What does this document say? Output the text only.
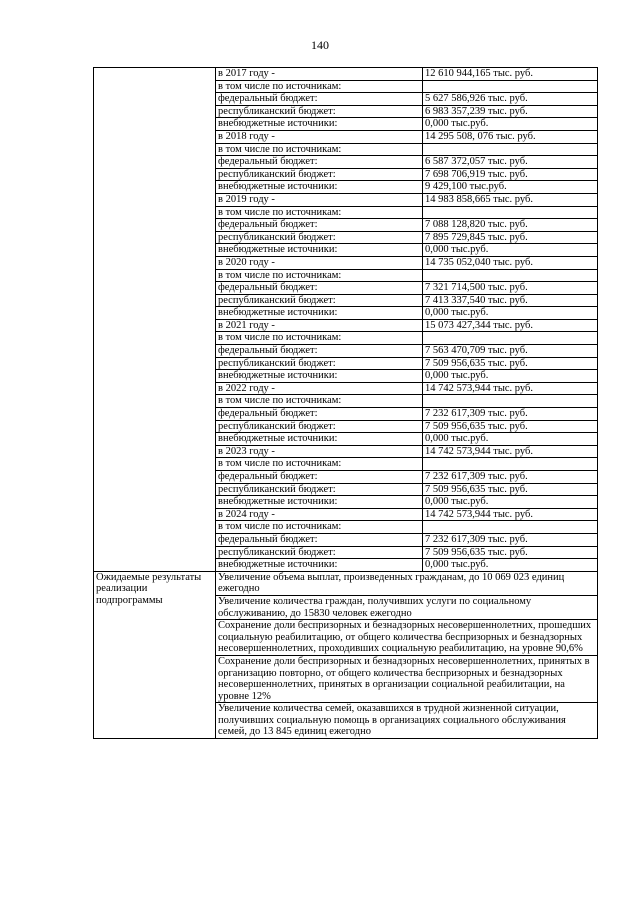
140
	в 2017 году -	12 610 944,165 тыс. руб.
	в том числе по источникам:	
	федеральный бюджет:	5 627 586,926 тыс. руб.
	республиканский бюджет:	6 983 357,239 тыс. руб.
	внебюджетные источники:	0,000 тыс.руб.
	в 2018 году -	14 295 508, 076 тыс. руб.
	в том числе по источникам:	
	федеральный бюджет:	6 587 372,057 тыс. руб.
	республиканский бюджет:	7 698 706,919 тыс. руб.
	внебюджетные источники:	9 429,100 тыс.руб.
	в 2019 году -	14 983 858,665 тыс. руб.
	в том числе по источникам:	
	федеральный бюджет:	7 088 128,820 тыс. руб.
	республиканский бюджет:	7 895 729,845 тыс. руб.
	внебюджетные источники:	0,000 тыс.руб.
	в 2020 году -	14 735 052,040 тыс. руб.
	в том числе по источникам:	
	федеральный бюджет:	7 321 714,500 тыс. руб.
	республиканский бюджет:	7 413 337,540 тыс. руб.
	внебюджетные источники:	0,000 тыс.руб.
	в 2021 году -	15 073 427,344 тыс. руб.
	в том числе по источникам:	
	федеральный бюджет:	7 563 470,709 тыс. руб.
	республиканский бюджет:	7 509 956,635 тыс. руб.
	внебюджетные источники:	0,000 тыс.руб.
	в 2022 году -	14 742 573,944 тыс. руб.
	в том числе по источникам:	
	федеральный бюджет:	7 232 617,309 тыс. руб.
	республиканский бюджет:	7 509 956,635 тыс. руб.
	внебюджетные источники:	0,000 тыс.руб.
	в 2023 году -	14 742 573,944 тыс. руб.
	в том числе по источникам:	
	федеральный бюджет:	7 232 617,309 тыс. руб.
	республиканский бюджет:	7 509 956,635 тыс. руб.
	внебюджетные источники:	0,000 тыс.руб.
	в 2024 году -	14 742 573,944 тыс. руб.
	в том числе по источникам:	
	федеральный бюджет:	7 232 617,309 тыс. руб.
	республиканский бюджет:	7 509 956,635 тыс. руб.
	внебюджетные источники:	0,000 тыс.руб.
Ожидаемые результаты реализации подпрограммы	Увеличение объема выплат, произведенных гражданам, до 10 069 023 единиц ежегодно	
	Увеличение количества граждан, получивших услуги по социальному обслуживанию, до 15830 человек ежегодно	
	Сохранение доли беспризорных и безнадзорных несовершеннолетних, прошедших социальную реабилитацию, от общего количества беспризорных и безнадзорных несовершеннолетних, проходивших социальную реабилитацию, на уровне 90,6%	
	Сохранение доли беспризорных и безнадзорных несовершеннолетних, принятых в организацию повторно, от общего количества беспризорных и безнадзорных несовершеннолетних, принятых в организации социальной реабилитации, на уровне 12%	
	Увеличение количества семей, оказавшихся в трудной жизненной ситуации, получивших социальную помощь в организациях социального обслуживания семей, до 13 845 единиц ежегодно	
